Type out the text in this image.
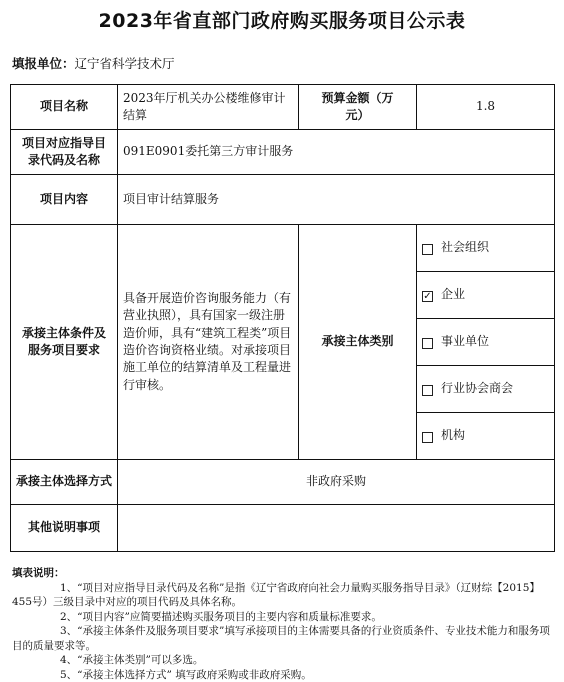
2023年省直部门政府购买服务项目公示表
填报单位：辽宁省科学技术厅
项目名称
2023年厅机关办公楼维修审计结算
预算金额（万元）
1.8
项目对应指导目录代码及名称
091E0901委托第三方审计服务
项目内容	项目审计结算服务
承接主体条件及服务项目要求
具备开展造价咨询服务能力（有营业执照），具有国家一级注册造价师，具有“建筑工程类”项目造价咨询资格业绩。对承接项目施工单位的结算清单及工程量进行审核。
承接主体类别
社会组织
✓ 企业
事业单位
行业协会商会
机构
承接主体选择方式	非政府采购
其他说明事项

填表说明：

1、“项目对应指导目录代码及名称”是指《辽宁省政府向社会力量购买服务指导目录》（辽财综【2015】455号）三级目录中对应的项目代码及具体名称。

2、“项目内容”应简要描述购买服务项目的主要内容和质量标准要求。

3、“承接主体条件及服务项目要求”填写承接项目的主体需要具备的行业资质条件、专业技术能力和服务项目的质量要求等。

4、“承接主体类别”可以多选。

5、“承接主体选择方式” 填写政府采购或非政府采购。
